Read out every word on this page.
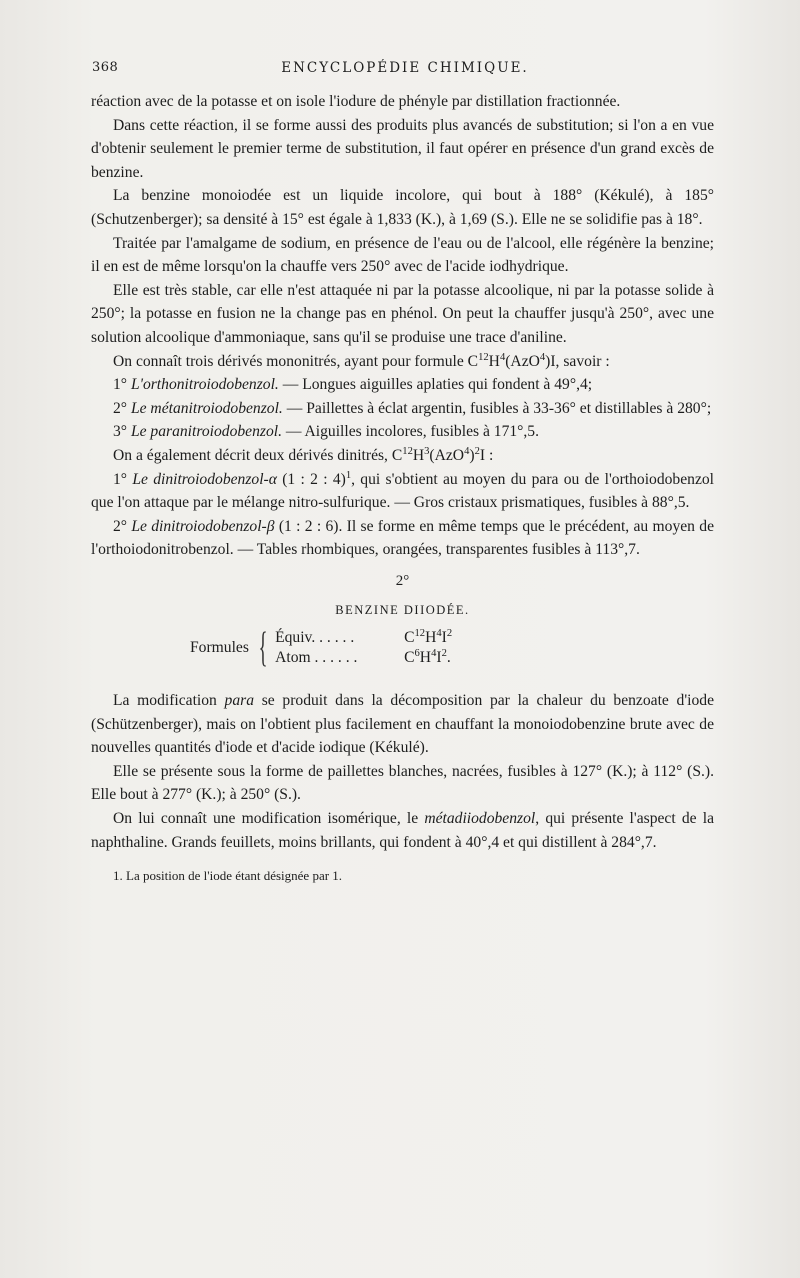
368	ENCYCLOPÉDIE CHIMIQUE.

réaction avec de la potasse et on isole l'iodure de phényle par distillation fractionnée.

Dans cette réaction, il se forme aussi des produits plus avancés de substitution; si l'on a en vue d'obtenir seulement le premier terme de substitution, il faut opérer en présence d'un grand excès de benzine.

La benzine monoiodée est un liquide incolore, qui bout à 188° (Kékulé), à 185° (Schutzenberger); sa densité à 15° est égale à 1,833 (K.), à 1,69 (S.). Elle ne se solidifie pas à 18°.

Traitée par l'amalgame de sodium, en présence de l'eau ou de l'alcool, elle régénère la benzine; il en est de même lorsqu'on la chauffe vers 250° avec de l'acide iodhydrique.

Elle est très stable, car elle n'est attaquée ni par la potasse alcoolique, ni par la potasse solide à 250°; la potasse en fusion ne la change pas en phénol. On peut la chauffer jusqu'à 250°, avec une solution alcoolique d'ammoniaque, sans qu'il se produise une trace d'aniline.

On connaît trois dérivés mononitrés, ayant pour formule $C^{12}H^4(AzO^4)I$, savoir :

1° L'orthonitroiodobenzol. — Longues aiguilles aplaties qui fondent à 49°,4;

2° Le métanitroiodobenzol. — Paillettes à éclat argentin, fusibles à 33-36° et distillables à 280°;

3° Le paranitroiodobenzol. — Aiguilles incolores, fusibles à 171°,5.

On a également décrit deux dérivés dinitrés, $C^{12}H^3(AzO^4)^2I$ :

1° Le dinitroiodobenzol-α (1 : 2 : 4)$^1$, qui s'obtient au moyen du para ou de l'orthoiodobenzol que l'on attaque par le mélange nitro-sulfurique. — Gros cristaux prismatiques, fusibles à 88°,5.

2° Le dinitroiodobenzol-β (1 : 2 : 6). Il se forme en même temps que le précédent, au moyen de l'orthoiodonitrobenzol. — Tables rhombiques, orangées, transparentes fusibles à 113°,7.

2°

BENZINE DIIODÉE.

Formules { Équiv. . . . . .	$C^{12}H^4I^2$
Atom . . . . . .	$C^6H^4I^2$.

La modification para se produit dans la décomposition par la chaleur du benzoate d'iode (Schützenberger), mais on l'obtient plus facilement en chauffant la monoiodobenzine brute avec de nouvelles quantités d'iode et d'acide iodique (Kékulé).

Elle se présente sous la forme de paillettes blanches, nacrées, fusibles à 127° (K.); à 112° (S.). Elle bout à 277° (K.); à 250° (S.).

On lui connaît une modification isomérique, le métadiiodobenzol, qui présente l'aspect de la naphthaline. Grands feuillets, moins brillants, qui fondent à 40°,4 et qui distillent à 284°,7.

1. La position de l'iode étant désignée par 1.
